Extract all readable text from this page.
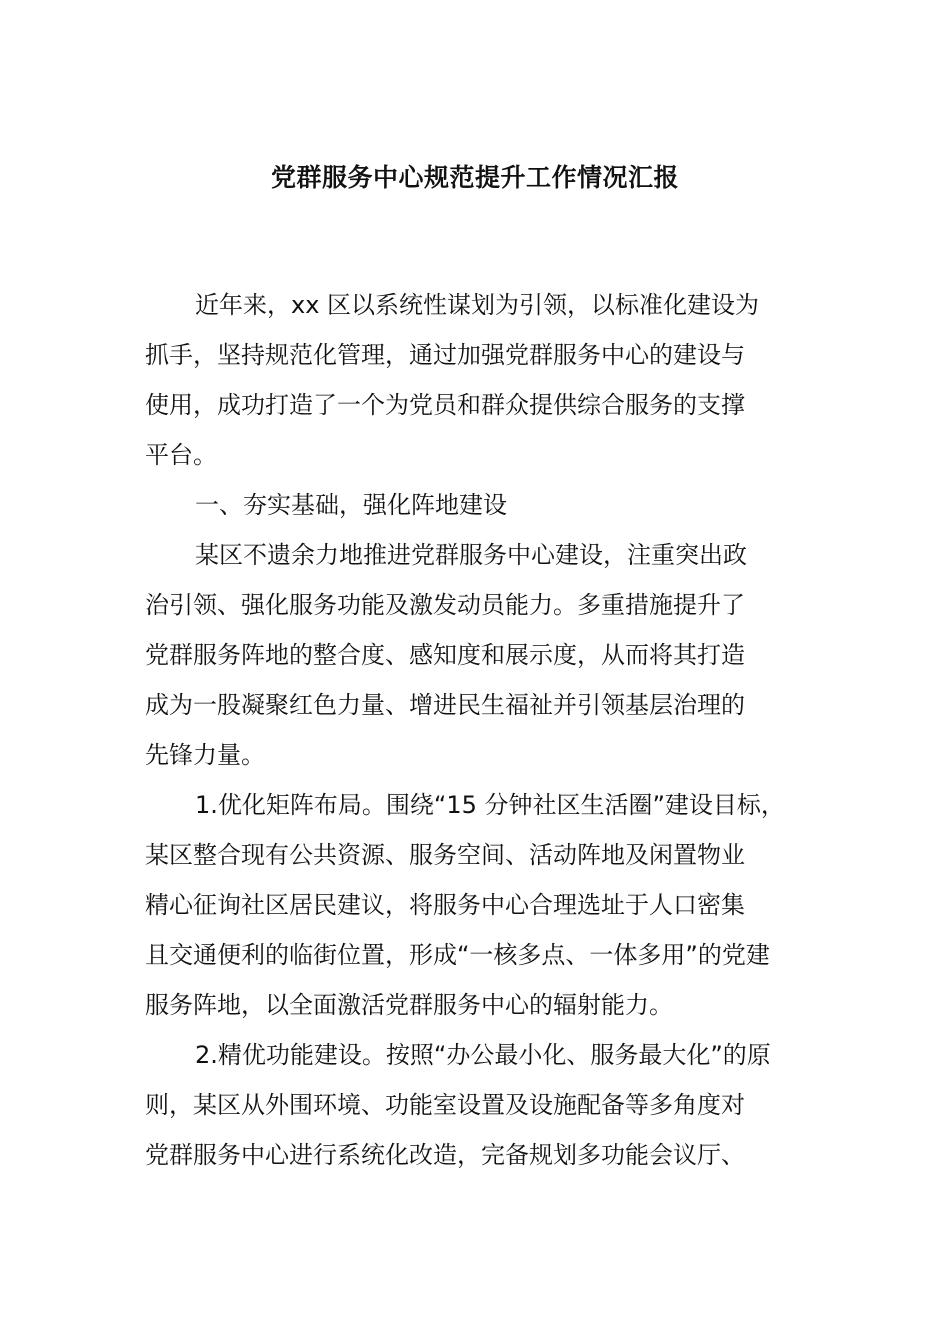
党群服务中心规范提升工作情况汇报
近年来，xx 区以系统性谋划为引领，以标准化建设为
抓手，坚持规范化管理，通过加强党群服务中心的建设与
使用，成功打造了一个为党员和群众提供综合服务的支撑
平台。
一、夯实基础，强化阵地建设
某区不遗余力地推进党群服务中心建设，注重突出政
治引领、强化服务功能及激发动员能力。多重措施提升了
党群服务阵地的整合度、感知度和展示度，从而将其打造
成为一股凝聚红色力量、增进民生福祉并引领基层治理的
先锋力量。
1.优化矩阵布局。围绕“15 分钟社区生活圈”建设目标，
某区整合现有公共资源、服务空间、活动阵地及闲置物业
精心征询社区居民建议，将服务中心合理选址于人口密集
且交通便利的临街位置，形成“一核多点、一体多用”的党建
服务阵地，以全面激活党群服务中心的辐射能力。
2.精优功能建设。按照“办公最小化、服务最大化”的原
则，某区从外围环境、功能室设置及设施配备等多角度对
党群服务中心进行系统化改造，完备规划多功能会议厅、
